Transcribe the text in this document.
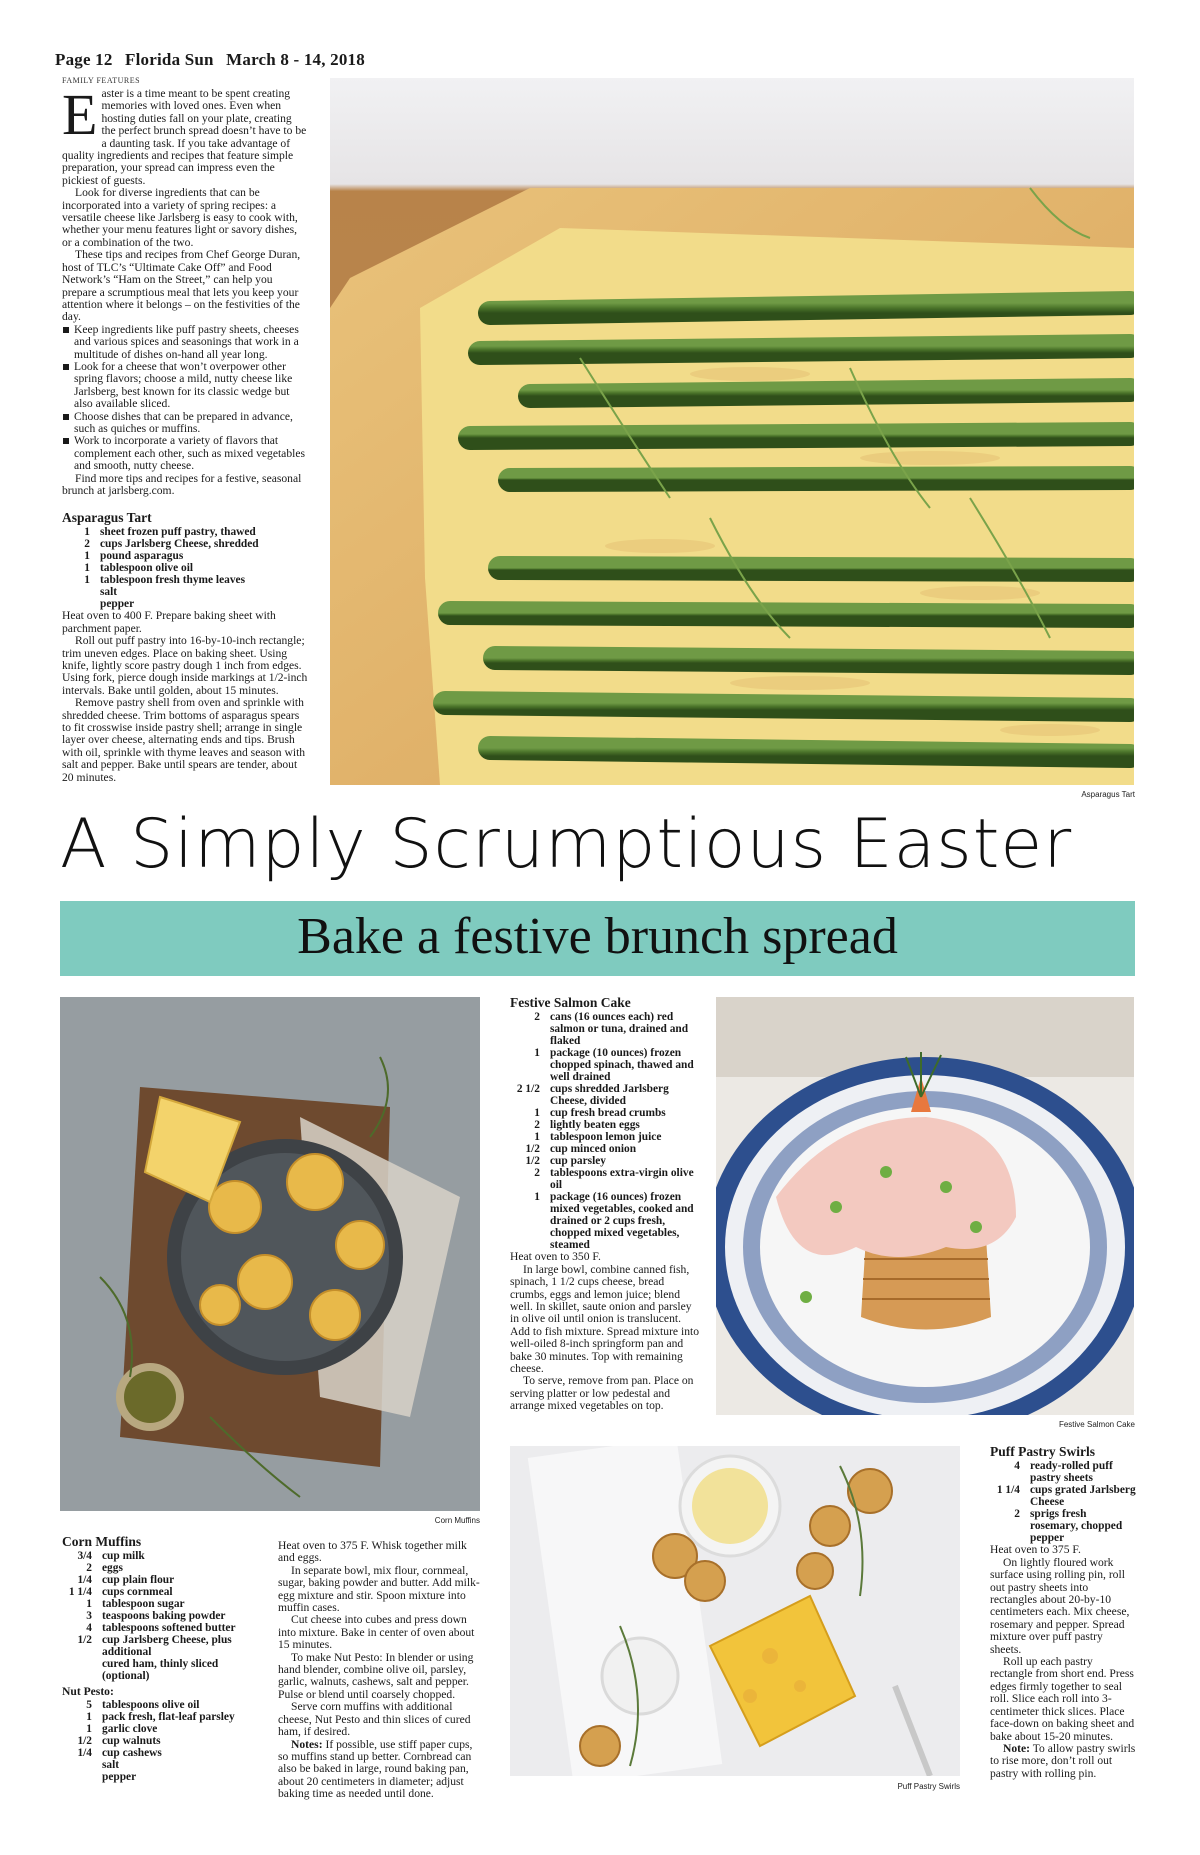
Page 12 Florida Sun March 8 - 14, 2018
FAMILY FEATURES
E aster is a time meant to be spent creating memories with loved ones. Even when hosting duties fall on your plate, creating the perfect brunch spread doesn’t have to be a daunting task. If you take advantage of quality ingredients and recipes that feature simple preparation, your spread can impress even the pickiest of guests.

Look for diverse ingredients that can be incorporated into a variety of spring recipes: a versatile cheese like Jarlsberg is easy to cook with, whether your menu features light or savory dishes, or a combination of the two.

These tips and recipes from Chef George Duran, host of TLC’s “Ultimate Cake Off” and Food Network’s “Ham on the Street,” can help you prepare a scrumptious meal that lets you keep your attention where it belongs – on the festivities of the day.

Keep ingredients like puff pastry sheets, cheeses and various spices and seasonings that work in a multitude of dishes on-hand all year long.
Look for a cheese that won’t overpower other spring flavors; choose a mild, nutty cheese like Jarlsberg, best known for its classic wedge but also available sliced.
Choose dishes that can be prepared in advance, such as quiches or muffins.
Work to incorporate a variety of flavors that complement each other, such as mixed vegetables and smooth, nutty cheese.

Find more tips and recipes for a festive, seasonal brunch at jarlsberg.com.

Asparagus Tart
1	sheet frozen puff pastry, thawed
2	cups Jarlsberg Cheese, shredded
1	pound asparagus
1	tablespoon olive oil
1	tablespoon fresh thyme leaves
	salt
	pepper

Heat oven to 400 F. Prepare baking sheet with parchment paper.

Roll out puff pastry into 16-by-10-inch rectangle; trim uneven edges. Place on baking sheet. Using knife, lightly score pastry dough 1 inch from edges. Using fork, pierce dough inside markings at 1/2-inch intervals. Bake until golden, about 15 minutes.

Remove pastry shell from oven and sprinkle with shredded cheese. Trim bottoms of asparagus spears to fit crosswise inside pastry shell; arrange in single layer over cheese, alternating ends and tips. Brush with oil, sprinkle with thyme leaves and season with salt and pepper. Bake until spears are tender, about 20 minutes.

Asparagus Tart
A Simply Scrumptious Easter
Bake a festive brunch spread
Corn Muffins
Festive Salmon Cake
2	cans (16 ounces each) red salmon or tuna, drained and flaked
1	package (10 ounces) frozen chopped spinach, thawed and well drained
2 1/2	cups shredded Jarlsberg Cheese, divided
1	cup fresh bread crumbs
2	lightly beaten eggs
1	tablespoon lemon juice
1/2	cup minced onion
1/2	cup parsley
2	tablespoons extra-virgin olive oil
1	package (16 ounces) frozen mixed vegetables, cooked and drained or 2 cups fresh, chopped mixed vegetables, steamed

Heat oven to 350 F.

In large bowl, combine canned fish, spinach, 1 1/2 cups cheese, bread crumbs, eggs and lemon juice; blend well. In skillet, saute onion and parsley in olive oil until onion is translucent. Add to fish mixture. Spread mixture into well-oiled 8-inch springform pan and bake 30 minutes. Top with remaining cheese.

To serve, remove from pan. Place on serving platter or low pedestal and arrange mixed vegetables on top.

Festive Salmon Cake
Corn Muffins
3/4	cup milk
2	eggs
1/4	cup plain flour
1 1/4	cups cornmeal
1	tablespoon sugar
3	teaspoons baking powder
4	tablespoons softened butter
1/2	cup Jarlsberg Cheese, plus additional
	cured ham, thinly sliced (optional)
Nut Pesto:
5	tablespoons olive oil
1	pack fresh, flat-leaf parsley
1	garlic clove
1/2	cup walnuts
1/4	cup cashews
	salt
	pepper

Heat oven to 375 F. Whisk together milk and eggs.

In separate bowl, mix flour, cornmeal, sugar, baking powder and butter. Add milk-egg mixture and stir. Spoon mixture into muffin cases.

Cut cheese into cubes and press down into mixture. Bake in center of oven about 15 minutes.

To make Nut Pesto: In blender or using hand blender, combine olive oil, parsley, garlic, walnuts, cashews, salt and pepper. Pulse or blend until coarsely chopped.

Serve corn muffins with additional cheese, Nut Pesto and thin slices of cured ham, if desired.

Notes: If possible, use stiff paper cups, so muffins stand up better. Cornbread can also be baked in large, round baking pan, about 20 centimeters in diameter; adjust baking time as needed until done.

Puff Pastry Swirls
Puff Pastry Swirls
4	ready-rolled puff pastry sheets
1 1/4	cups grated Jarlsberg Cheese
2	sprigs fresh rosemary, chopped
	pepper

Heat oven to 375 F.

On lightly floured work surface using rolling pin, roll out pastry sheets into rectangles about 20-by-10 centimeters each. Mix cheese, rosemary and pepper. Spread mixture over puff pastry sheets.

Roll up each pastry rectangle from short end. Press edges firmly together to seal roll. Slice each roll into 3-centimeter thick slices. Place face-down on baking sheet and bake about 15-20 minutes.

Note: To allow pastry swirls to rise more, don’t roll out pastry with rolling pin.
